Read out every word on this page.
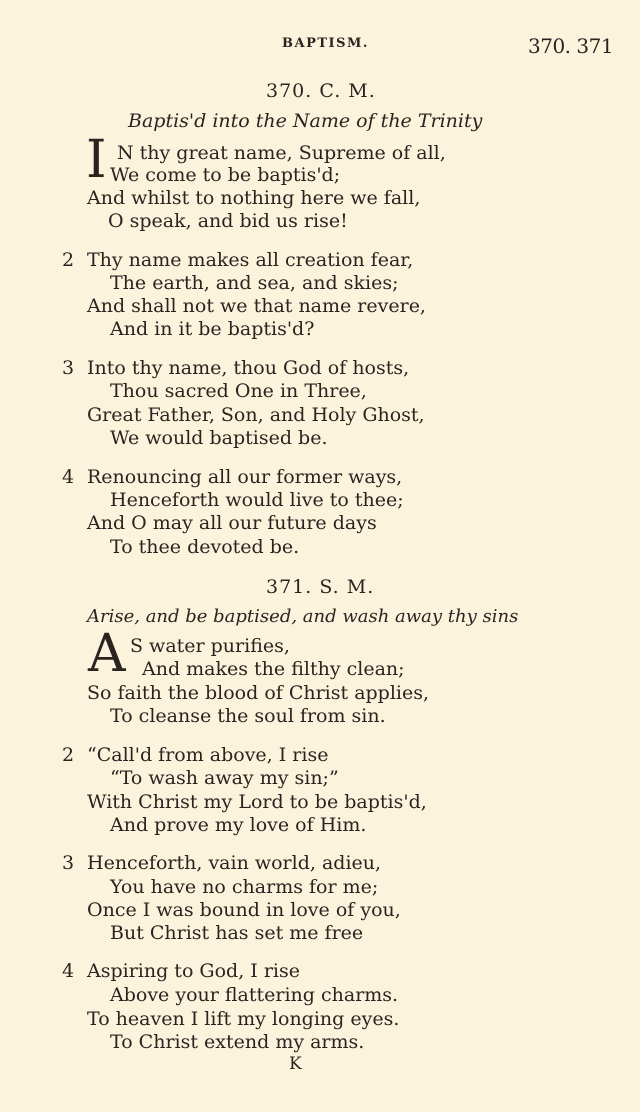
BAPTISM.	370. 371
370. C. M.
Baptis'd into the Name of the Trinity
I N thy great name, Supreme of all,
We come to be baptis'd;
And whilst to nothing here we fall,
O speak, and bid us rise!
2 Thy name makes all creation fear,
The earth, and sea, and skies;
And shall not we that name revere,
And in it be baptis'd?
3 Into thy name, thou God of hosts,
Thou sacred One in Three,
Great Father, Son, and Holy Ghost,
We would baptised be.
4 Renouncing all our former ways,
Henceforth would live to thee;
And O may all our future days
To thee devoted be.
371. S. M.
Arise, and be baptised, and wash away thy sins
A S water purifies,
And makes the filthy clean;
So faith the blood of Christ applies,
To cleanse the soul from sin.
2 “Call'd from above, I rise
“To wash away my sin;”
With Christ my Lord to be baptis'd,
And prove my love of Him.
3 Henceforth, vain world, adieu,
You have no charms for me;
Once I was bound in love of you,
But Christ has set me free
4 Aspiring to God, I rise
Above your flattering charms.
To heaven I lift my longing eyes.
To Christ extend my arms.
K
